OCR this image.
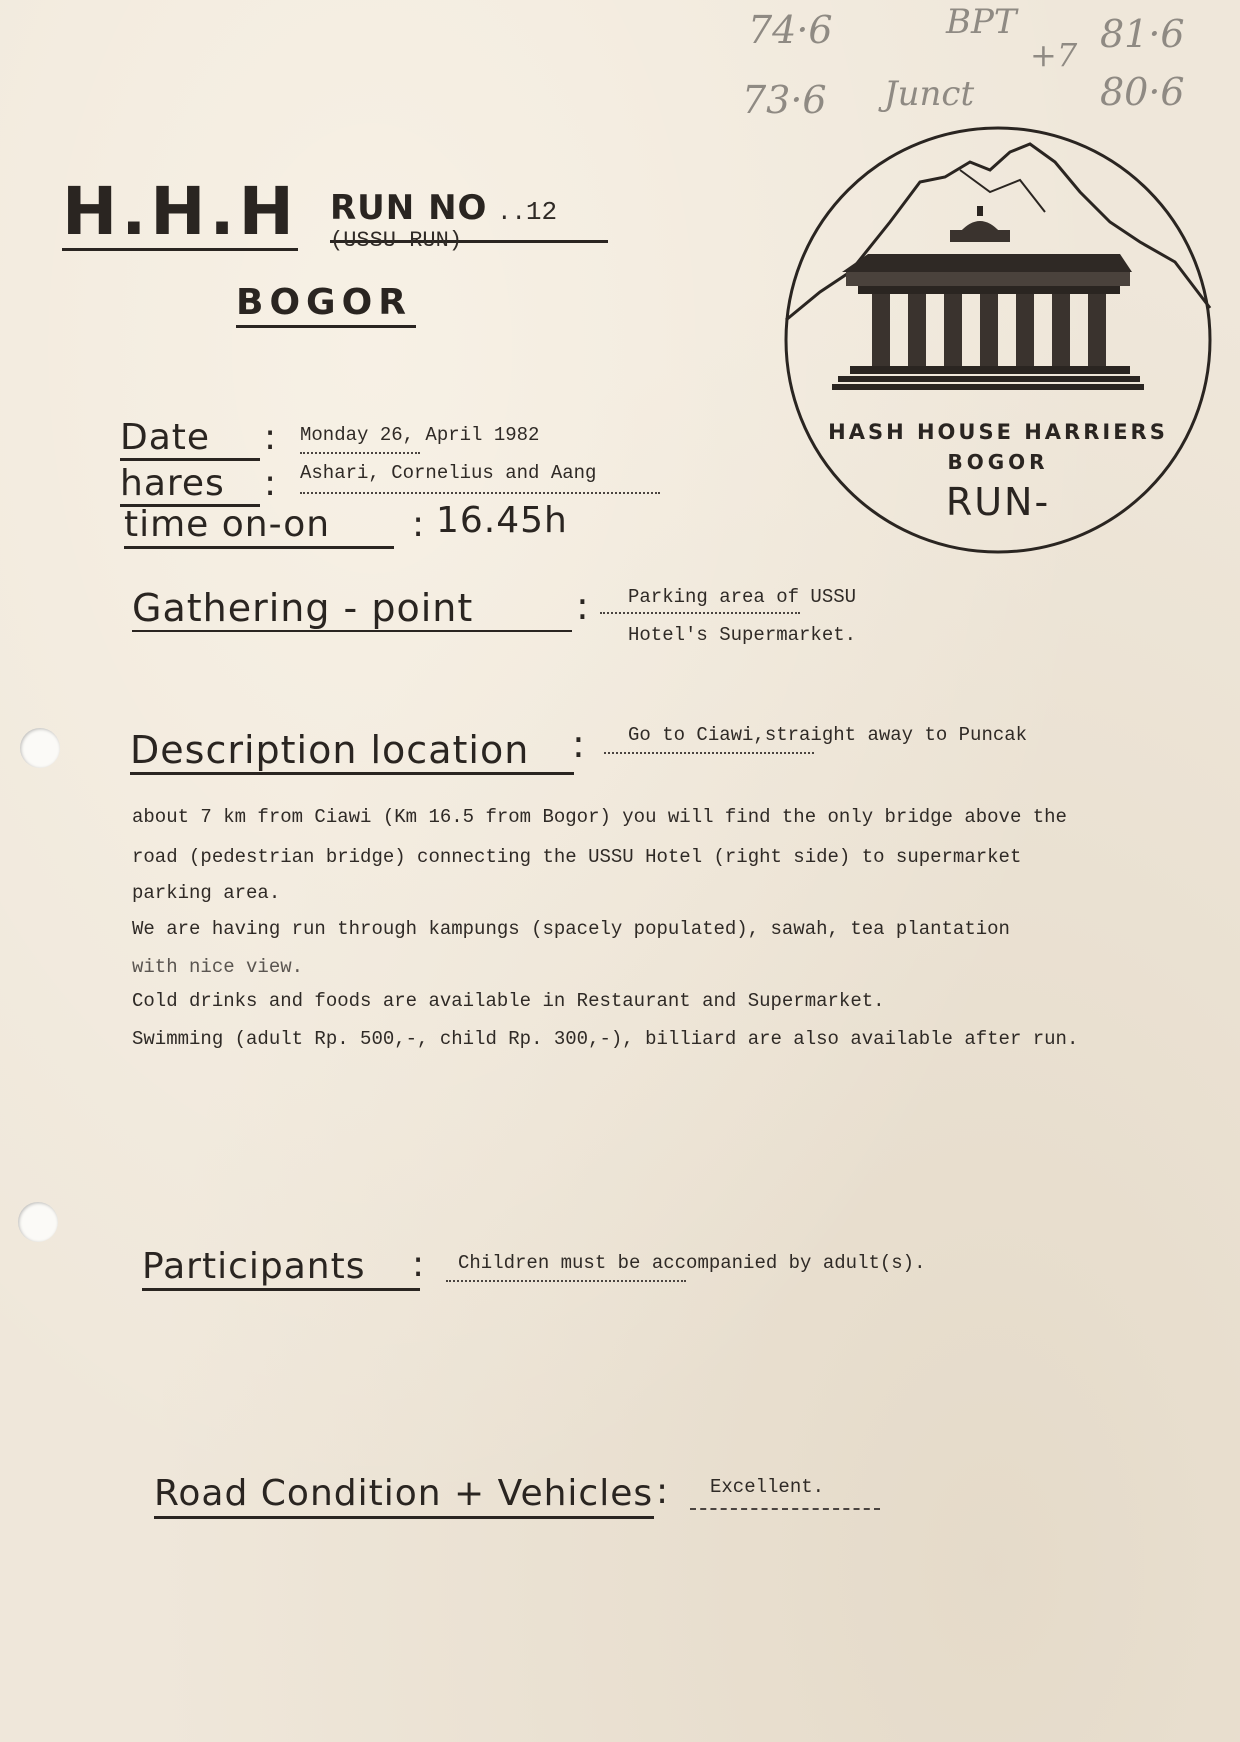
74·6	BPT
+7 81·6
73·6 Junct	80·6
H.H.H RUN NO ..12 (USSU RUN)
BOGOR
HASH HOUSE HARRIERS
BOGOR
RUN-
Date	: Monday 26, April 1982
hares	: Ashari, Cornelius and Aang
time on-on	: 16.45h
Gathering - point	: Parking area of USSU
Hotel's Supermarket.
Description location	: Go to Ciawi,straight away to Puncak
about 7 km from Ciawi (Km 16.5 from Bogor) you will find the only bridge above the
road (pedestrian bridge) connecting the USSU Hotel (right side) to supermarket
parking area.
We are having run through kampungs (spacely populated), sawah, tea plantation
with nice view.
Cold drinks and foods are available in Restaurant and Supermarket.
Swimming (adult Rp. 500,-, child Rp. 300,-), billiard are also available after run.
Participants	: Children must be accompanied by adult(s).
Road Condition + Vehicles : Excellent.
